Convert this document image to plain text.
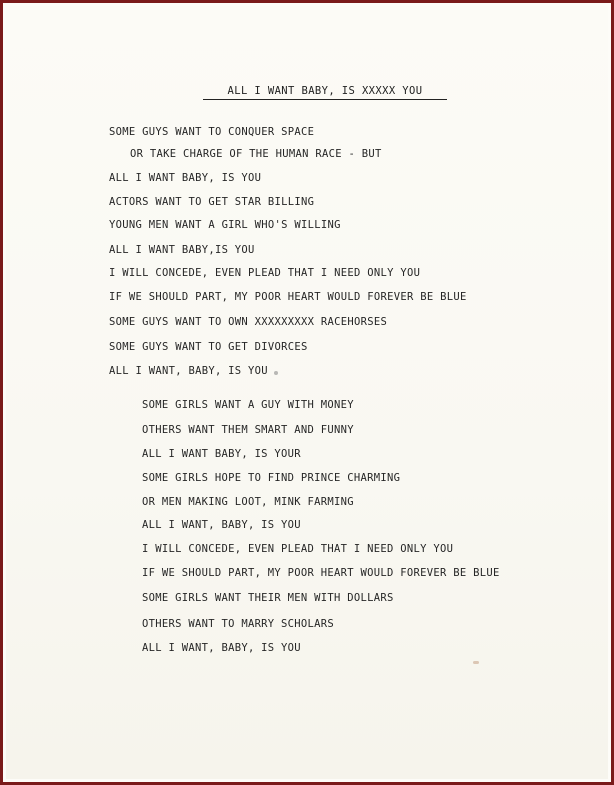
ALL I WANT BABY, IS XXXXX YOU
SOME GUYS WANT TO CONQUER SPACE
OR TAKE CHARGE OF THE HUMAN RACE - BUT
ALL I WANT BABY, IS YOU
ACTORS WANT TO GET STAR BILLING
YOUNG MEN WANT A GIRL WHO'S WILLING
ALL I WANT BABY,IS YOU
I WILL CONCEDE, EVEN PLEAD THAT I NEED ONLY YOU
IF WE SHOULD PART, MY POOR HEART WOULD FOREVER BE BLUE
SOME GUYS WANT TO OWN XXXXXXXXX RACEHORSES
SOME GUYS WANT TO GET DIVORCES
ALL I WANT, BABY, IS YOU
SOME GIRLS WANT A GUY WITH MONEY
OTHERS WANT THEM SMART AND FUNNY
ALL I WANT BABY, IS YOUR
SOME GIRLS HOPE TO FIND PRINCE CHARMING
OR MEN MAKING LOOT, MINK FARMING
ALL I WANT, BABY, IS YOU
I WILL CONCEDE, EVEN PLEAD THAT I NEED ONLY YOU
IF WE SHOULD PART, MY POOR HEART WOULD FOREVER BE BLUE
SOME GIRLS WANT THEIR MEN WITH DOLLARS
OTHERS WANT TO MARRY SCHOLARS
ALL I WANT, BABY, IS YOU
